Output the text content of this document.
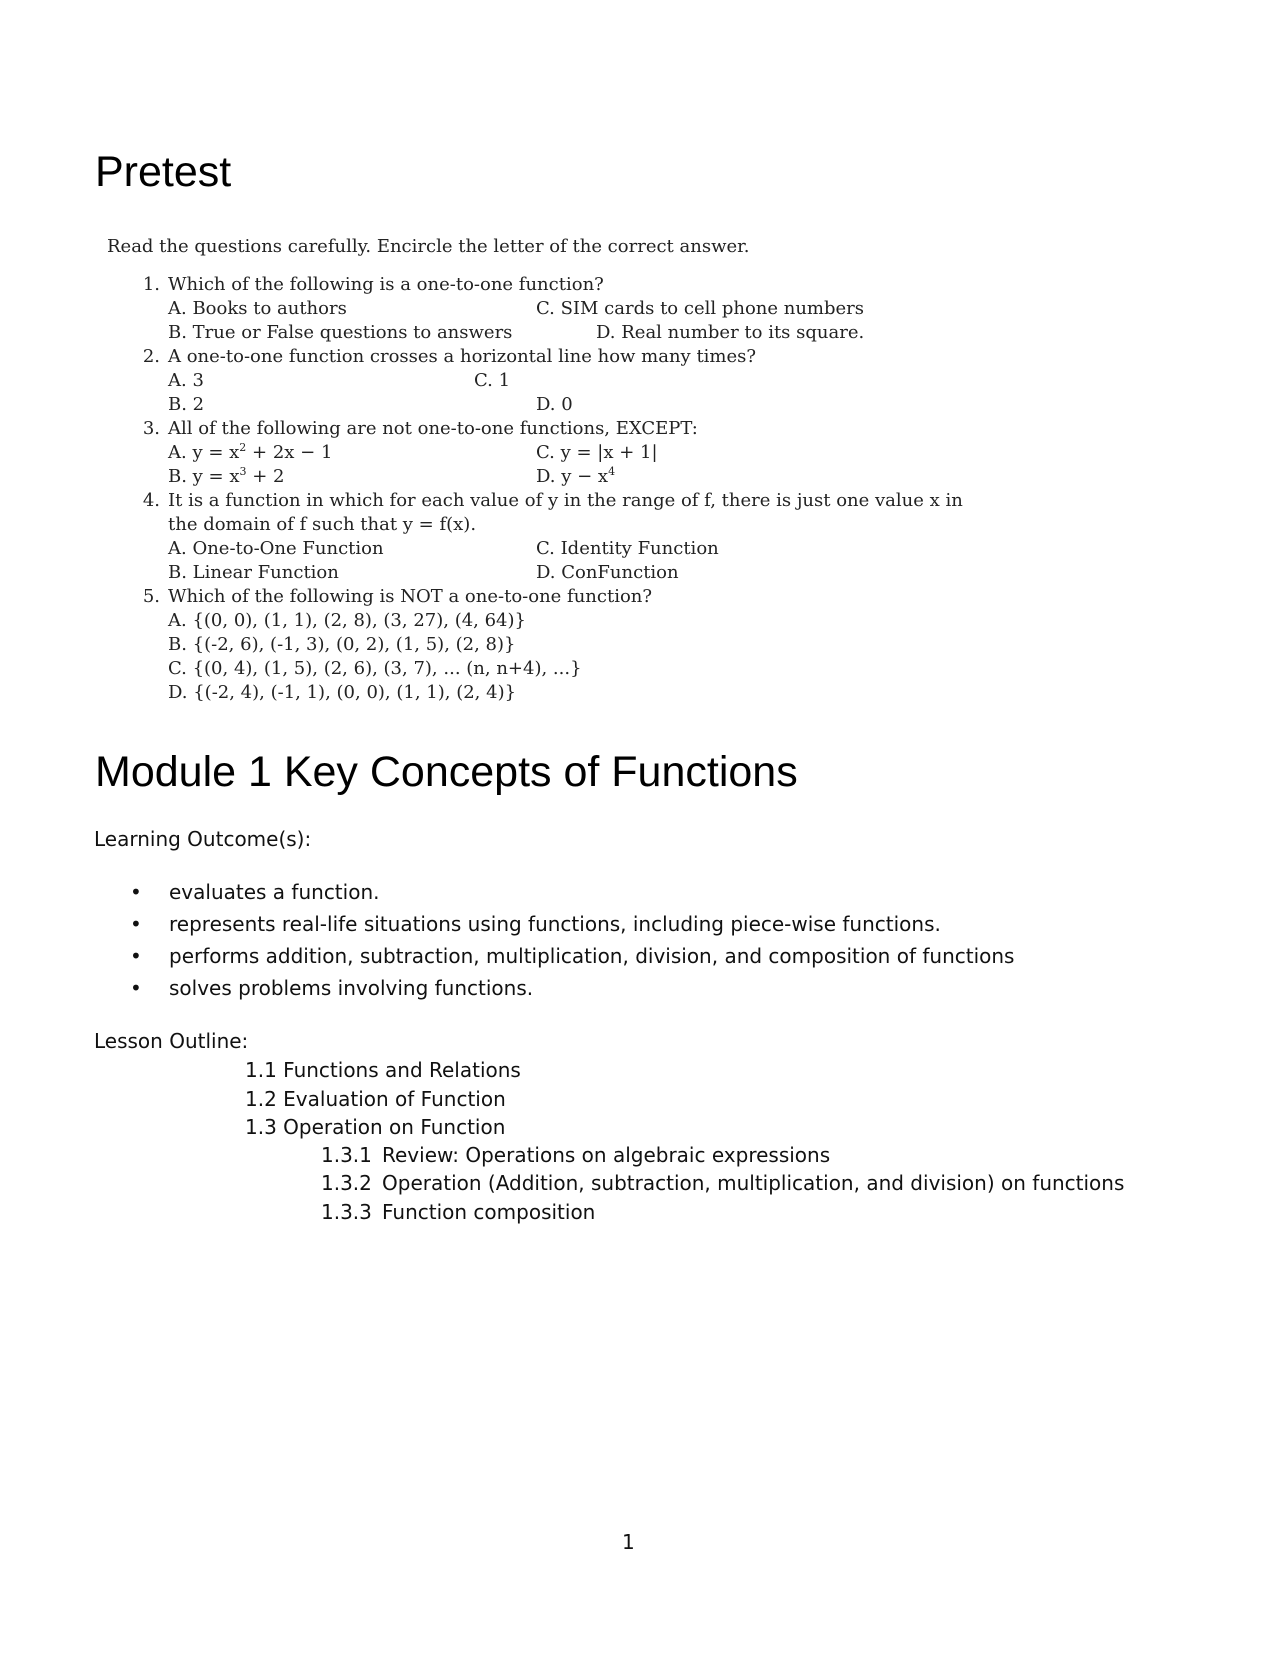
Pretest
Read the questions carefully. Encircle the letter of the correct answer.
1. Which of the following is a one-to-one function?
A. Books to authors	C. SIM cards to cell phone numbers
B. True or False questions to answers	D. Real number to its square.
2. A one-to-one function crosses a horizontal line how many times?
A. 3	C. 1
B. 2	D. 0
3. All of the following are not one-to-one functions, EXCEPT:
A. $y = x^2 + 2x - 1$	C. y = |x + 1|
B. $y = x^3 + 2$	D. $y - x^4$
4. It is a function in which for each value of y in the range of f, there is just one value x in
the domain of f such that y = f(x).
A. One-to-One Function	C. Identity Function
B. Linear Function	D. ConFunction
5. Which of the following is NOT a one-to-one function?
A. {(0, 0), (1, 1), (2, 8), (3, 27), (4, 64)}
B. {(-2, 6), (-1, 3), (0, 2), (1, 5), (2, 8)}
C. {(0, 4), (1, 5), (2, 6), (3, 7), ... (n, n+4), ...}
D. {(-2, 4), (-1, 1), (0, 0), (1, 1), (2, 4)}
Module 1 Key Concepts of Functions
Learning Outcome(s):
• evaluates a function.
• represents real-life situations using functions, including piece-wise functions.
• performs addition, subtraction, multiplication, division, and composition of functions
• solves problems involving functions.
Lesson Outline:
1.1 Functions and Relations
1.2 Evaluation of Function
1.3 Operation on Function
1.3.1 Review: Operations on algebraic expressions
1.3.2 Operation (Addition, subtraction, multiplication, and division) on functions
1.3.3 Function composition
1
